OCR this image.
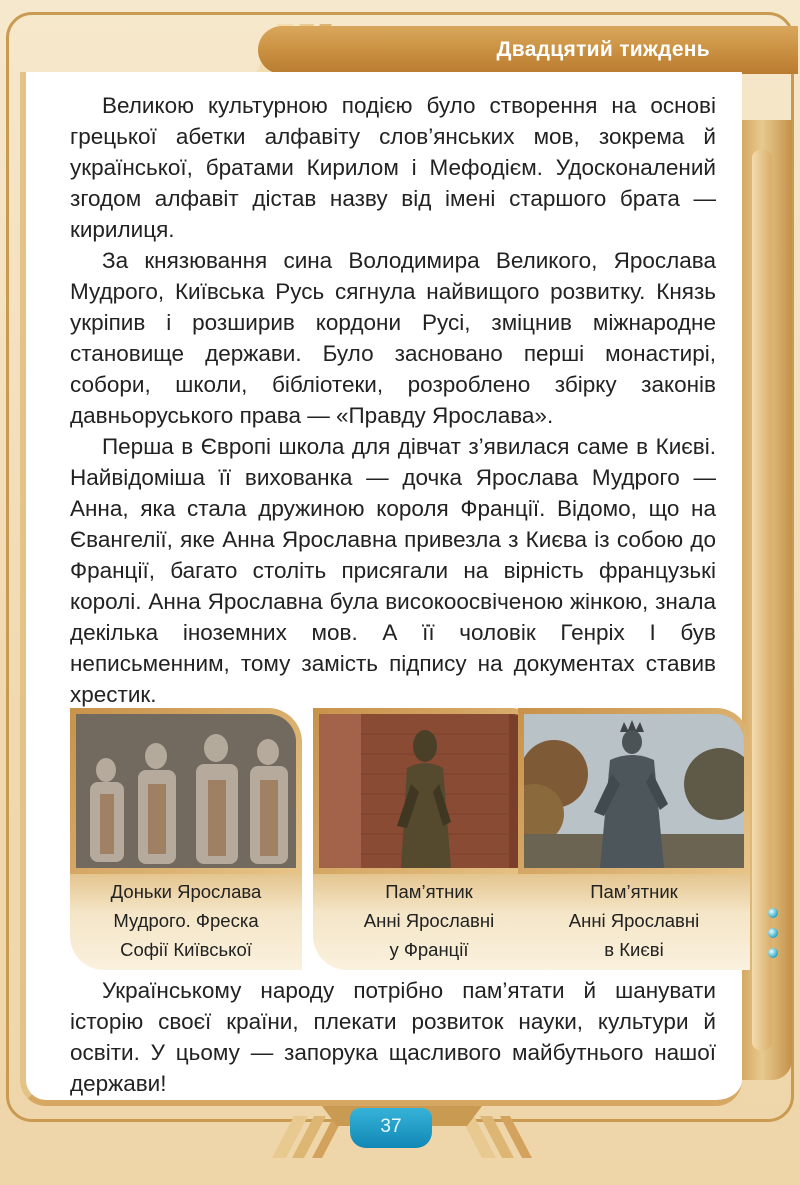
Двадцятий тиждень

Великою культурною подією було створення на основі грецької абетки алфавіту слов’янських мов, зокрема й української, братами Кирилом і Мефодієм. Удосконалений згодом алфавіт дістав назву від імені старшого брата — кирилиця.

За князювання сина Володимира Великого, Ярослава Мудрого, Київська Русь сягнула найвищого розвитку. Князь укріпив і розширив кордони Русі, зміцнив міжнародне становище держави. Було засновано перші монастирі, собори, школи, бібліотеки, розроблено збірку законів давньоруського права — «Правду Ярослава».

Перша в Європі школа для дівчат з’явилася саме в Києві. Найвідоміша її вихованка — дочка Ярослава Мудрого — Анна, яка стала дружиною короля Франції. Відомо, що на Євангелії, яке Анна Ярославна привезла з Києва із собою до Франції, багато століть присягали на вірність французькі королі. Анна Ярославна була високоосвіченою жінкою, знала декілька іноземних мов. А її чоловік Генріх I був неписьменним, тому замість підпису на документах ставив хрестик.

Доньки Ярослава
Мудрого. Фреска
Софії Київської
Пам’ятник
Анні Ярославні
у Франції
Пам’ятник
Анні Ярославні
в Києві

Українському народу потрібно пам’ятати й шанувати історію своєї країни, плекати розвиток науки, культури й освіти. У цьому — запорука щасливого майбутнього нашої держави!

37
